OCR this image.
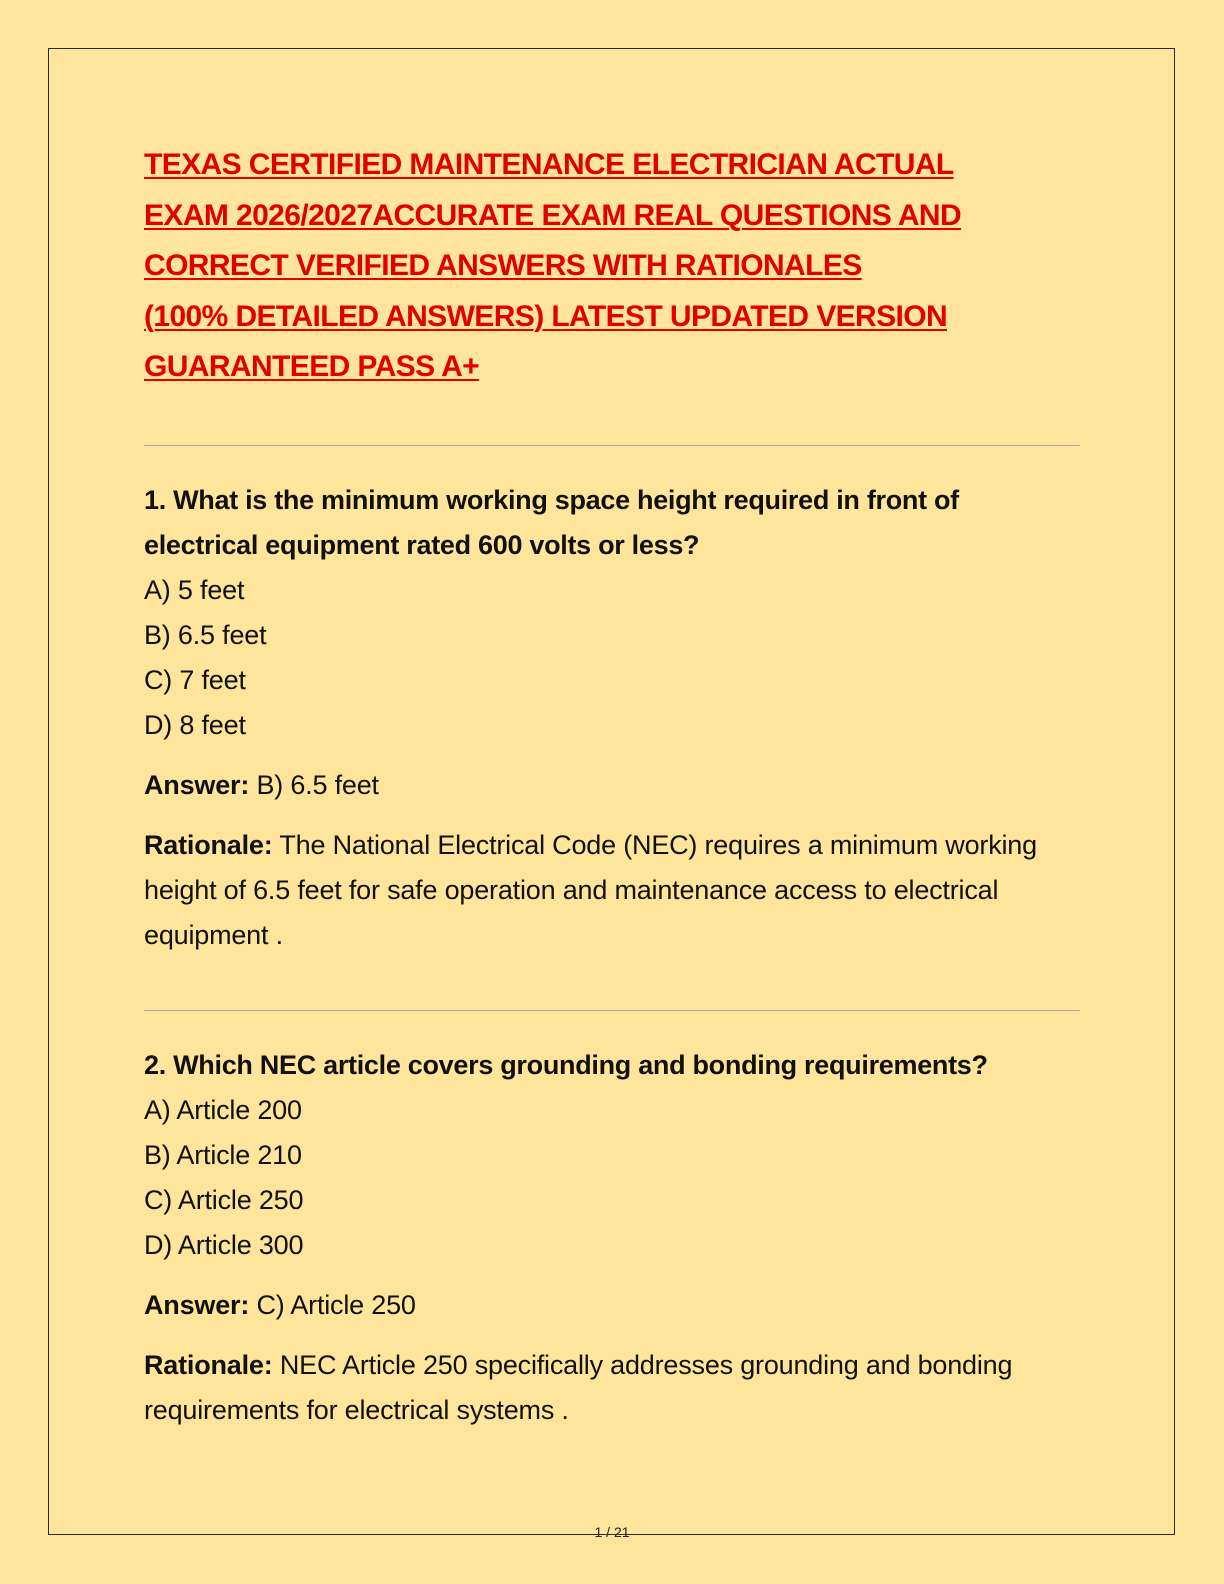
TEXAS CERTIFIED MAINTENANCE ELECTRICIAN ACTUAL
EXAM 2026/2027ACCURATE EXAM REAL QUESTIONS AND
CORRECT VERIFIED ANSWERS WITH RATIONALES
(100% DETAILED ANSWERS) LATEST UPDATED VERSION
GUARANTEED PASS A+

1. What is the minimum working space height required in front of
electrical equipment rated 600 volts or less?

A) 5 feet

B) 6.5 feet

C) 7 feet

D) 8 feet

Answer: B) 6.5 feet

Rationale: The National Electrical Code (NEC) requires a minimum working height of 6.5 feet for safe operation and maintenance access to electrical equipment .

2. Which NEC article covers grounding and bonding requirements?

A) Article 200

B) Article 210

C) Article 250

D) Article 300

Answer: C) Article 250

Rationale: NEC Article 250 specifically addresses grounding and bonding requirements for electrical systems .

1 / 21
